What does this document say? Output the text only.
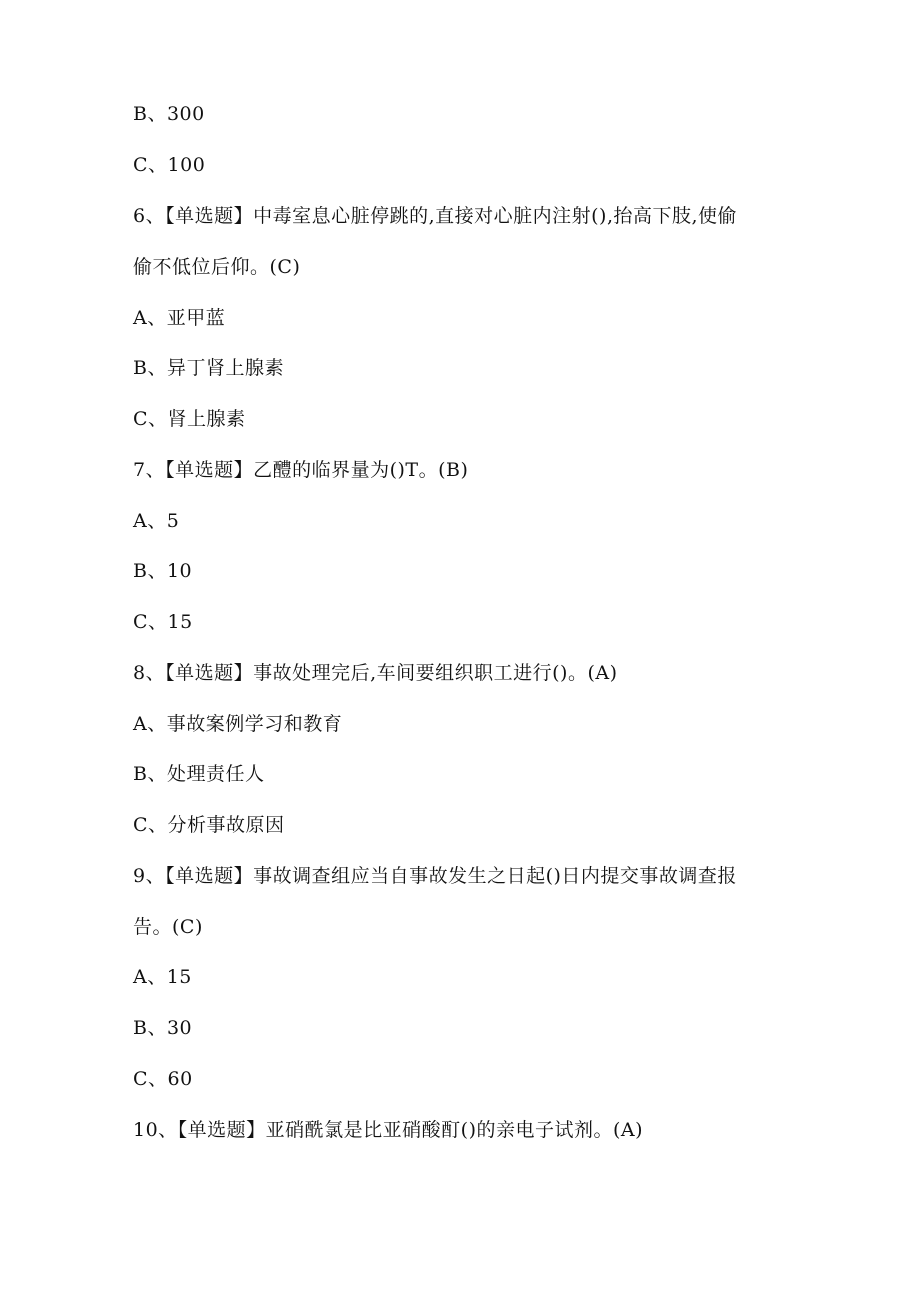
B、300
C、100
6、【单选题】中毒室息心脏停跳的,直接对心脏内注射(),抬高下肢,使偷
偷不低位后仰。(C)
A、亚甲蓝
B、异丁肾上腺素
C、肾上腺素
7、【单选题】乙醴的临界量为()T。(B)
A、5
B、10
C、15
8、【单选题】事故处理完后,车间要组织职工进行()。(A)
A、事故案例学习和教育
B、处理责任人
C、分析事故原因
9、【单选题】事故调查组应当自事故发生之日起()日内提交事故调查报
告。(C)
A、15
B、30
C、60
10、【单选题】亚硝酰氯是比亚硝酸酊()的亲电子试剂。(A)
